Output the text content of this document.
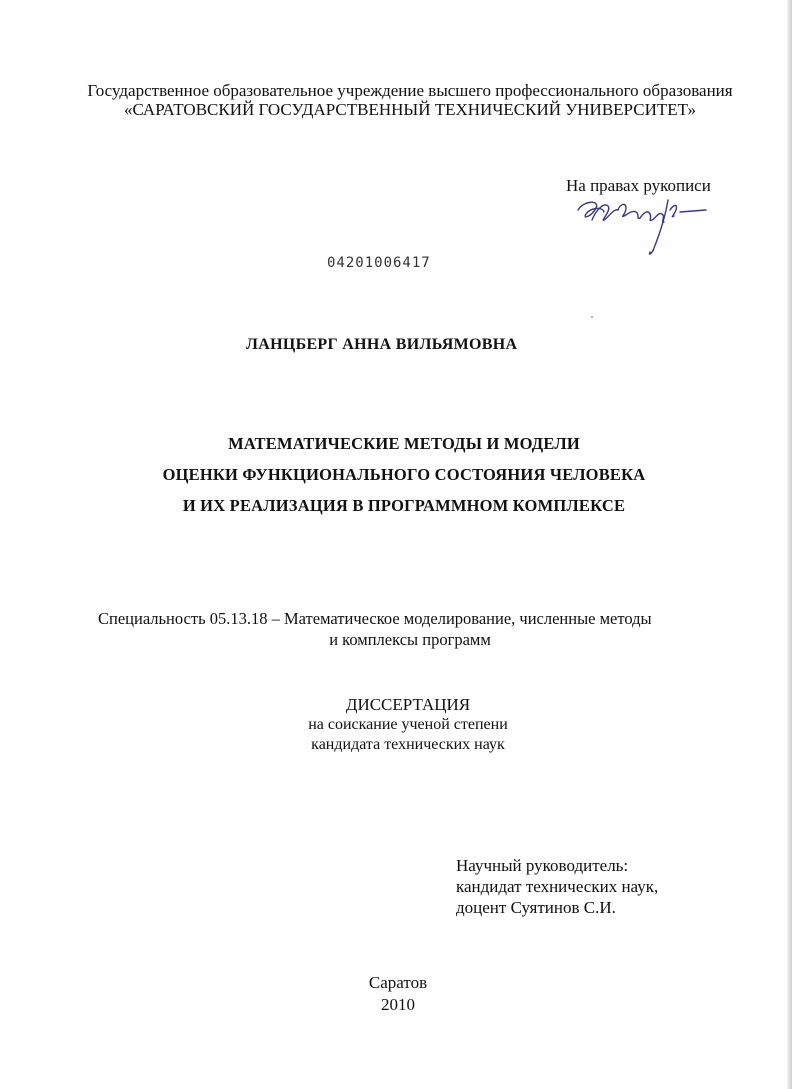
Государственное образовательное учреждение высшего профессионального образования
«САРАТОВСКИЙ ГОСУДАРСТВЕННЫЙ ТЕХНИЧЕСКИЙ УНИВЕРСИТЕТ»
На правах рукописи
04201006417
ЛАНЦБЕРГ АННА ВИЛЬЯМОВНА
МАТЕМАТИЧЕСКИЕ МЕТОДЫ И МОДЕЛИ
ОЦЕНКИ ФУНКЦИОНАЛЬНОГО СОСТОЯНИЯ ЧЕЛОВЕКА
И ИХ РЕАЛИЗАЦИЯ В ПРОГРАММНОМ КОМПЛЕКСЕ
Специальность 05.13.18 – Математическое моделирование, численные методы
и комплексы программ
ДИССЕРТАЦИЯ
на соискание ученой степени
кандидата технических наук
Научный руководитель:
кандидат технических наук,
доцент Суятинов С.И.
Саратов
2010
